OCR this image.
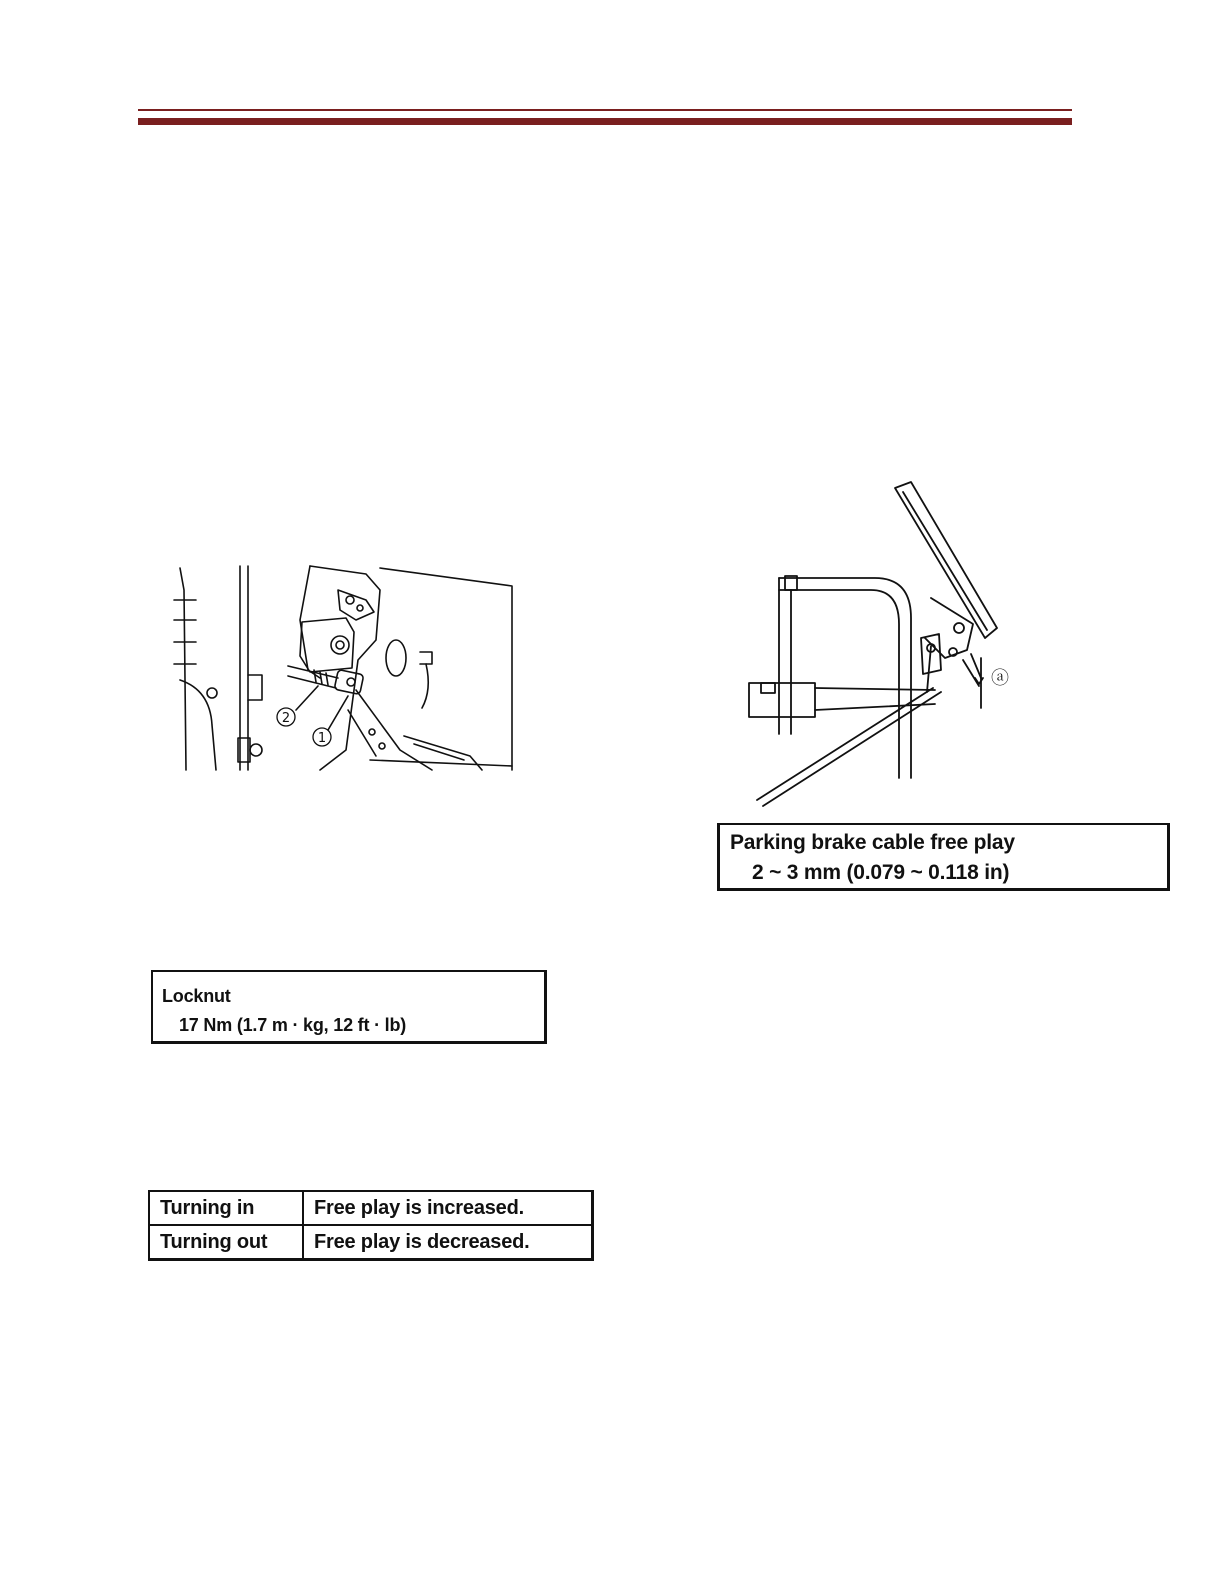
2
1
ⓐ
Parking brake cable free play
2 ~ 3 mm (0.079 ~ 0.118 in)
Locknut
17 Nm (1.7 m · kg, 12 ft · lb)
Turning in	Free play is increased.
Turning out	Free play is decreased.
